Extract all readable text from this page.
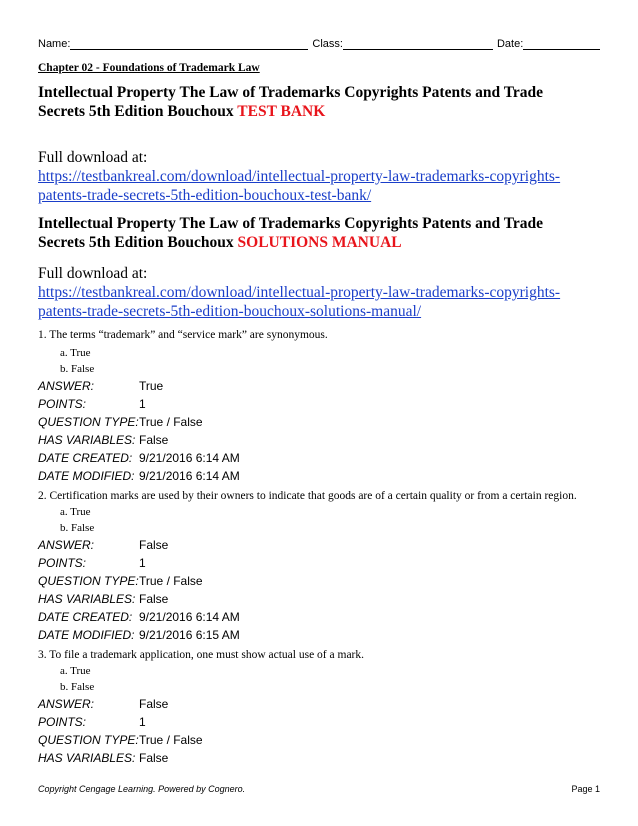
Name:	Class:	Date:
Chapter 02 - Foundations of Trademark Law
Intellectual Property The Law of Trademarks Copyrights Patents and Trade
Secrets 5th Edition Bouchoux TEST BANK
Full download at:
https://testbankreal.com/download/intellectual-property-law-trademarks-copyrights-
patents-trade-secrets-5th-edition-bouchoux-test-bank/
Intellectual Property The Law of Trademarks Copyrights Patents and Trade
Secrets 5th Edition Bouchoux SOLUTIONS MANUAL
Full download at:
https://testbankreal.com/download/intellectual-property-law-trademarks-copyrights-
patents-trade-secrets-5th-edition-bouchoux-solutions-manual/
1. The terms “trademark” and “service mark” are synonymous.
a. True
b. False
ANSWER:	True
POINTS:	1
QUESTION TYPE: True / False
HAS VARIABLES: False
DATE CREATED: 9/21/2016 6:14 AM
DATE MODIFIED: 9/21/2016 6:14 AM
2. Certification marks are used by their owners to indicate that goods are of a certain quality or from a certain region.
a. True
b. False
ANSWER:	False
POINTS:	1
QUESTION TYPE: True / False
HAS VARIABLES: False
DATE CREATED: 9/21/2016 6:14 AM
DATE MODIFIED: 9/21/2016 6:15 AM
3. To file a trademark application, one must show actual use of a mark.
a. True
b. False
ANSWER:	False
POINTS:	1
QUESTION TYPE: True / False
HAS VARIABLES: False
Copyright Cengage Learning. Powered by Cognero.	Page 1
